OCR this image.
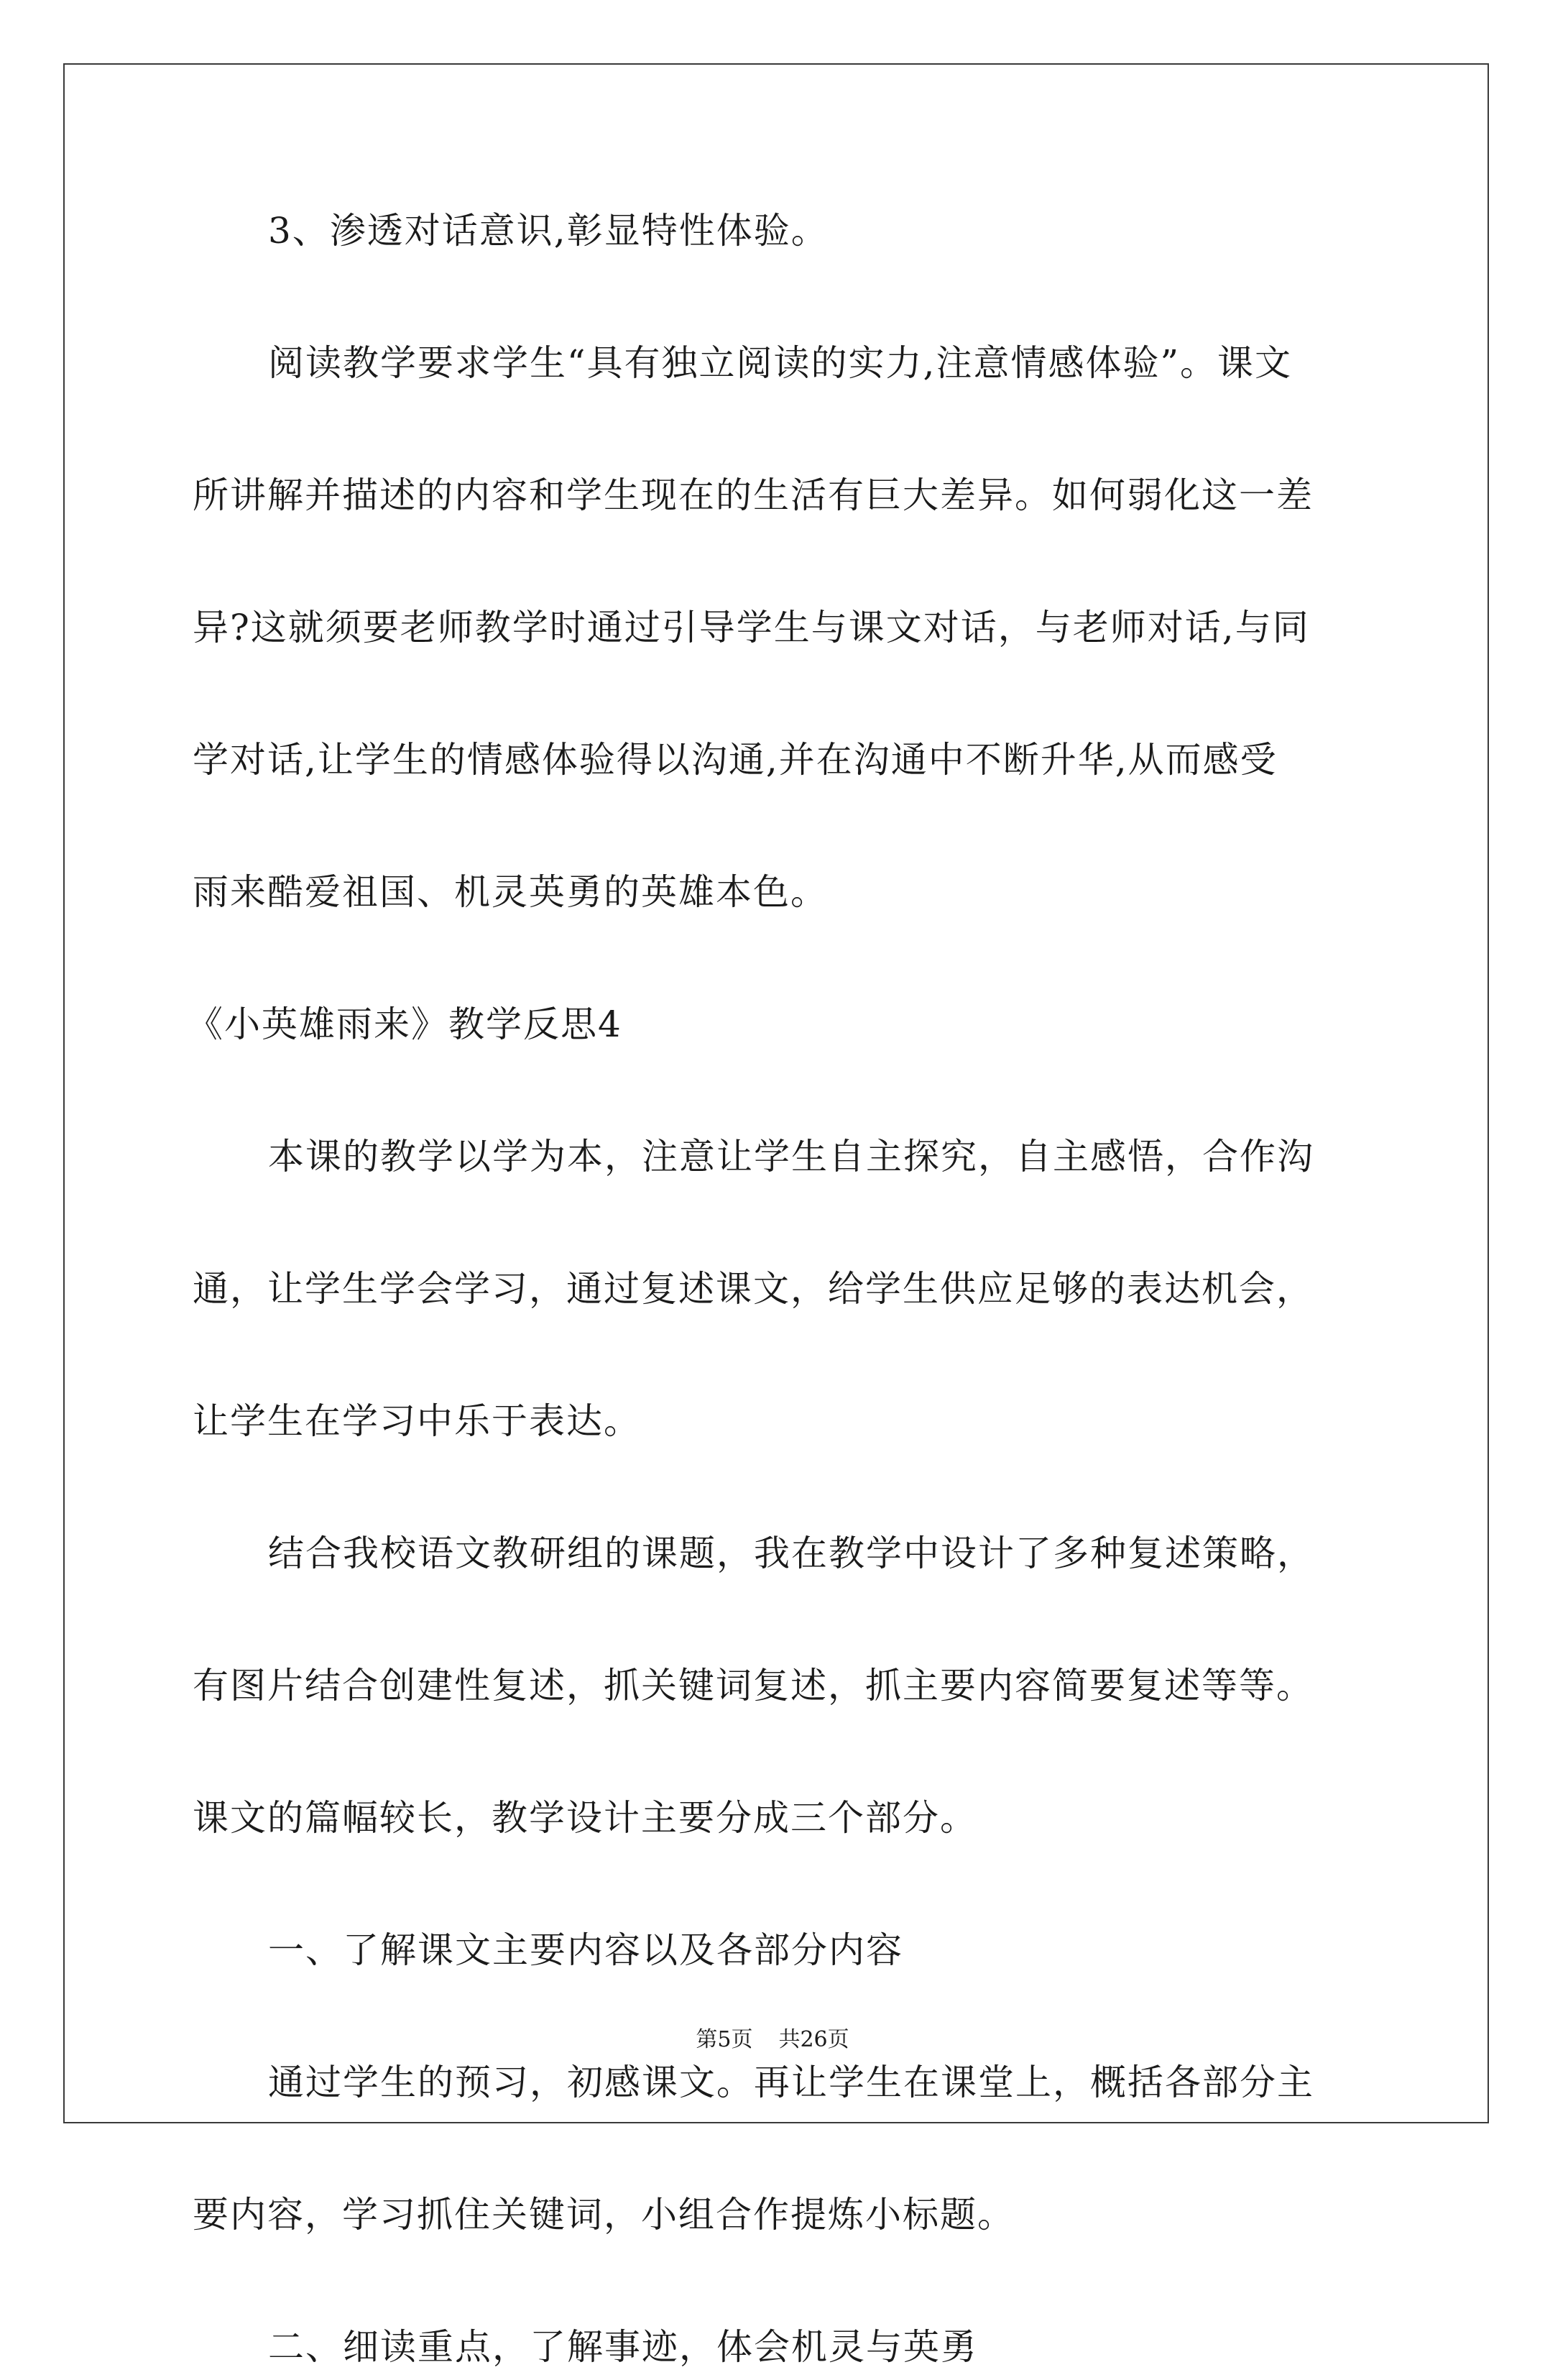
3、渗透对话意识,彰显特性体验。
阅读教学要求学生“具有独立阅读的实力,注意情感体验”。课文
所讲解并描述的内容和学生现在的生活有巨大差异。如何弱化这一差
异?这就须要老师教学时通过引导学生与课文对话，与老师对话,与同
学对话,让学生的情感体验得以沟通,并在沟通中不断升华,从而感受
雨来酷爱祖国、机灵英勇的英雄本色。
《小英雄雨来》教学反思4
本课的教学以学为本，注意让学生自主探究，自主感悟，合作沟
通，让学生学会学习，通过复述课文，给学生供应足够的表达机会，
让学生在学习中乐于表达。
结合我校语文教研组的课题，我在教学中设计了多种复述策略，
有图片结合创建性复述，抓关键词复述，抓主要内容简要复述等等。
课文的篇幅较长，教学设计主要分成三个部分。
一、了解课文主要内容以及各部分内容
通过学生的预习，初感课文。再让学生在课堂上，概括各部分主
要内容，学习抓住关键词，小组合作提炼小标题。
二、细读重点，了解事迹，体会机灵与英勇
第5页 共26页
